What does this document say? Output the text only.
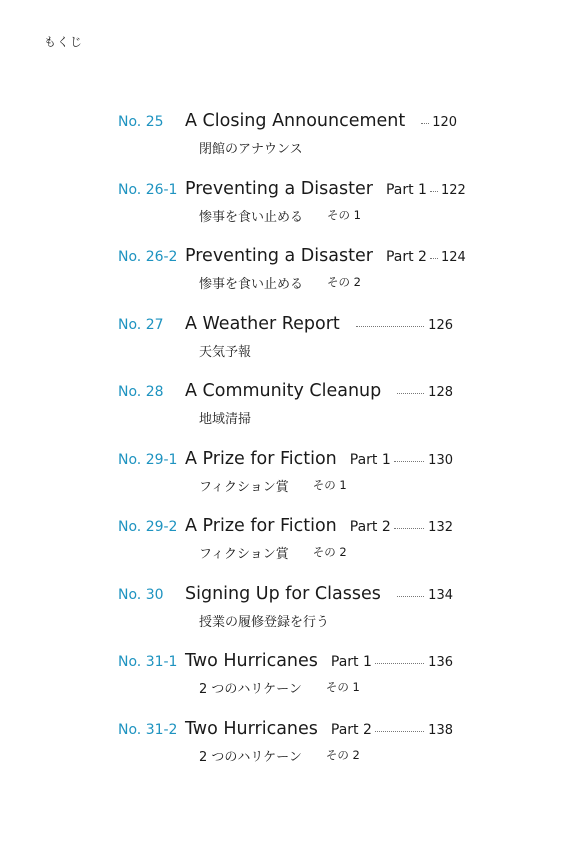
もくじ
No. 25	A Closing Announcement 120
閉館のアナウンス
No. 26-1 Preventing a Disaster Part 1 122
惨事を食い止める その 1
No. 26-2 Preventing a Disaster Part 2 124
惨事を食い止める その 2
No. 27	A Weather Report	126
天気予報
No. 28	A Community Cleanup	128
地域清掃
No. 29-1 A Prize for Fiction Part 1	130
フィクション賞 その 1
No. 29-2 A Prize for Fiction Part 2	132
フィクション賞 その 2
No. 30	Signing Up for Classes	134
授業の履修登録を行う
No. 31-1 Two Hurricanes Part 1	136
2 つのハリケーン その 1
No. 31-2 Two Hurricanes Part 2	138
2 つのハリケーン その 2
